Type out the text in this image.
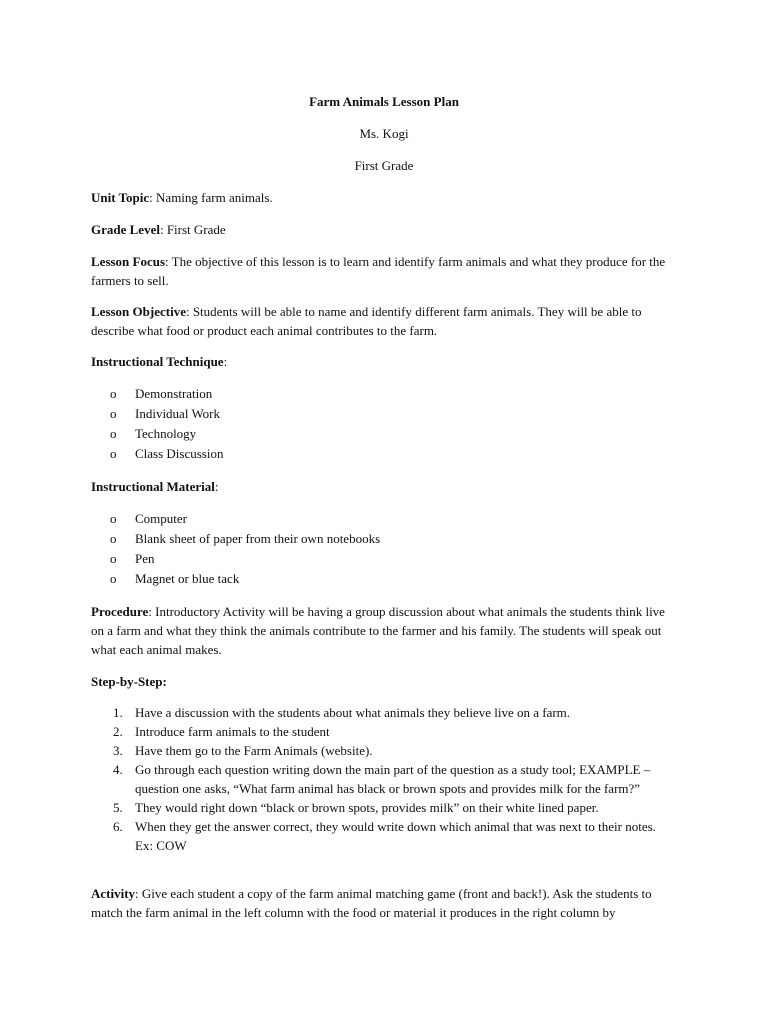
Farm Animals Lesson Plan
Ms. Kogi
First Grade
Unit Topic: Naming farm animals.
Grade Level: First Grade
Lesson Focus: The objective of this lesson is to learn and identify farm animals and what they produce for the farmers to sell.
Lesson Objective: Students will be able to name and identify different farm animals. They will be able to describe what food or product each animal contributes to the farm.
Instructional Technique:
o Demonstration
o Individual Work
o Technology
o Class Discussion
Instructional Material:
o Computer
o Blank sheet of paper from their own notebooks
o Pen
o Magnet or blue tack
Procedure: Introductory Activity will be having a group discussion about what animals the students think live on a farm and what they think the animals contribute to the farmer and his family. The students will speak out what each animal makes.
Step-by-Step:
1. Have a discussion with the students about what animals they believe live on a farm.
2. Introduce farm animals to the student
3. Have them go to the Farm Animals (website).
4. Go through each question writing down the main part of the question as a study tool; EXAMPLE – question one asks, “What farm animal has black or brown spots and provides milk for the farm?”
5. They would right down “black or brown spots, provides milk” on their white lined paper.
6. When they get the answer correct, they would write down which animal that was next to their notes. Ex: COW
Activity: Give each student a copy of the farm animal matching game (front and back!). Ask the students to match the farm animal in the left column with the food or material it produces in the right column by
